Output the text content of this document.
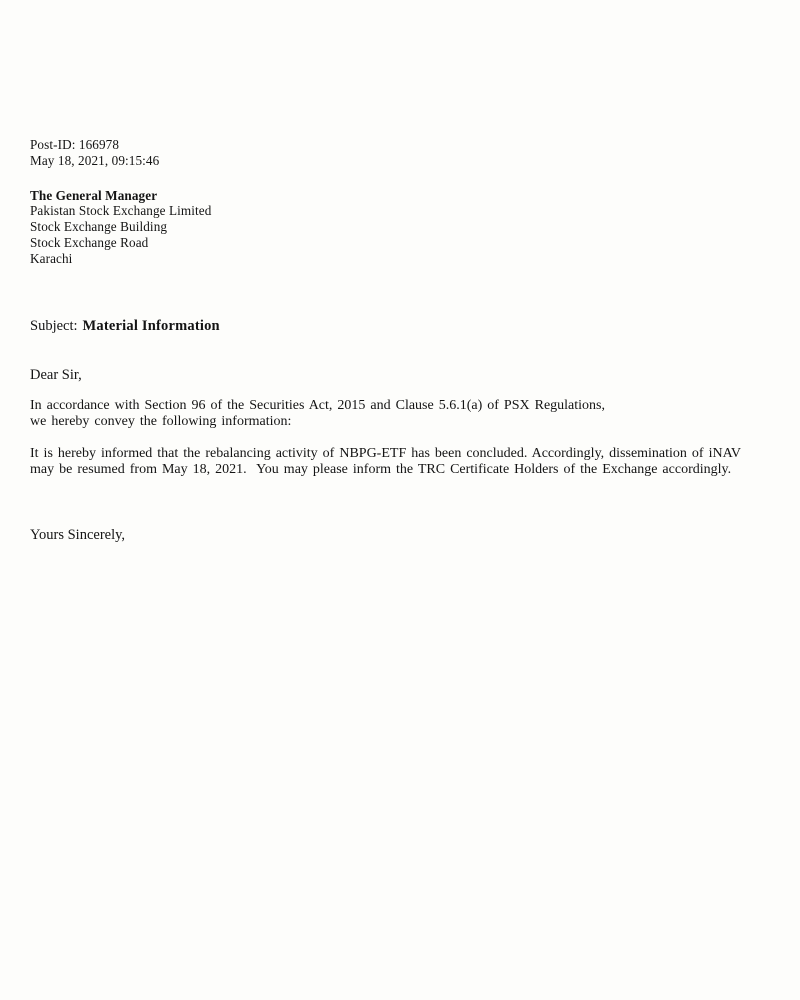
Post-ID: 166978
May 18, 2021, 09:15:46
The General Manager
Pakistan Stock Exchange Limited
Stock Exchange Building
Stock Exchange Road
Karachi
Subject: Material Information
Dear Sir,
In accordance with Section 96 of the Securities Act, 2015 and Clause 5.6.1(a) of PSX Regulations,
we hereby convey the following information:
It is hereby informed that the rebalancing activity of NBPG-ETF has been concluded. Accordingly, dissemination of iNAV
may be resumed from May 18, 2021.  You may please inform the TRC Certificate Holders of the Exchange accordingly.
Yours Sincerely,
